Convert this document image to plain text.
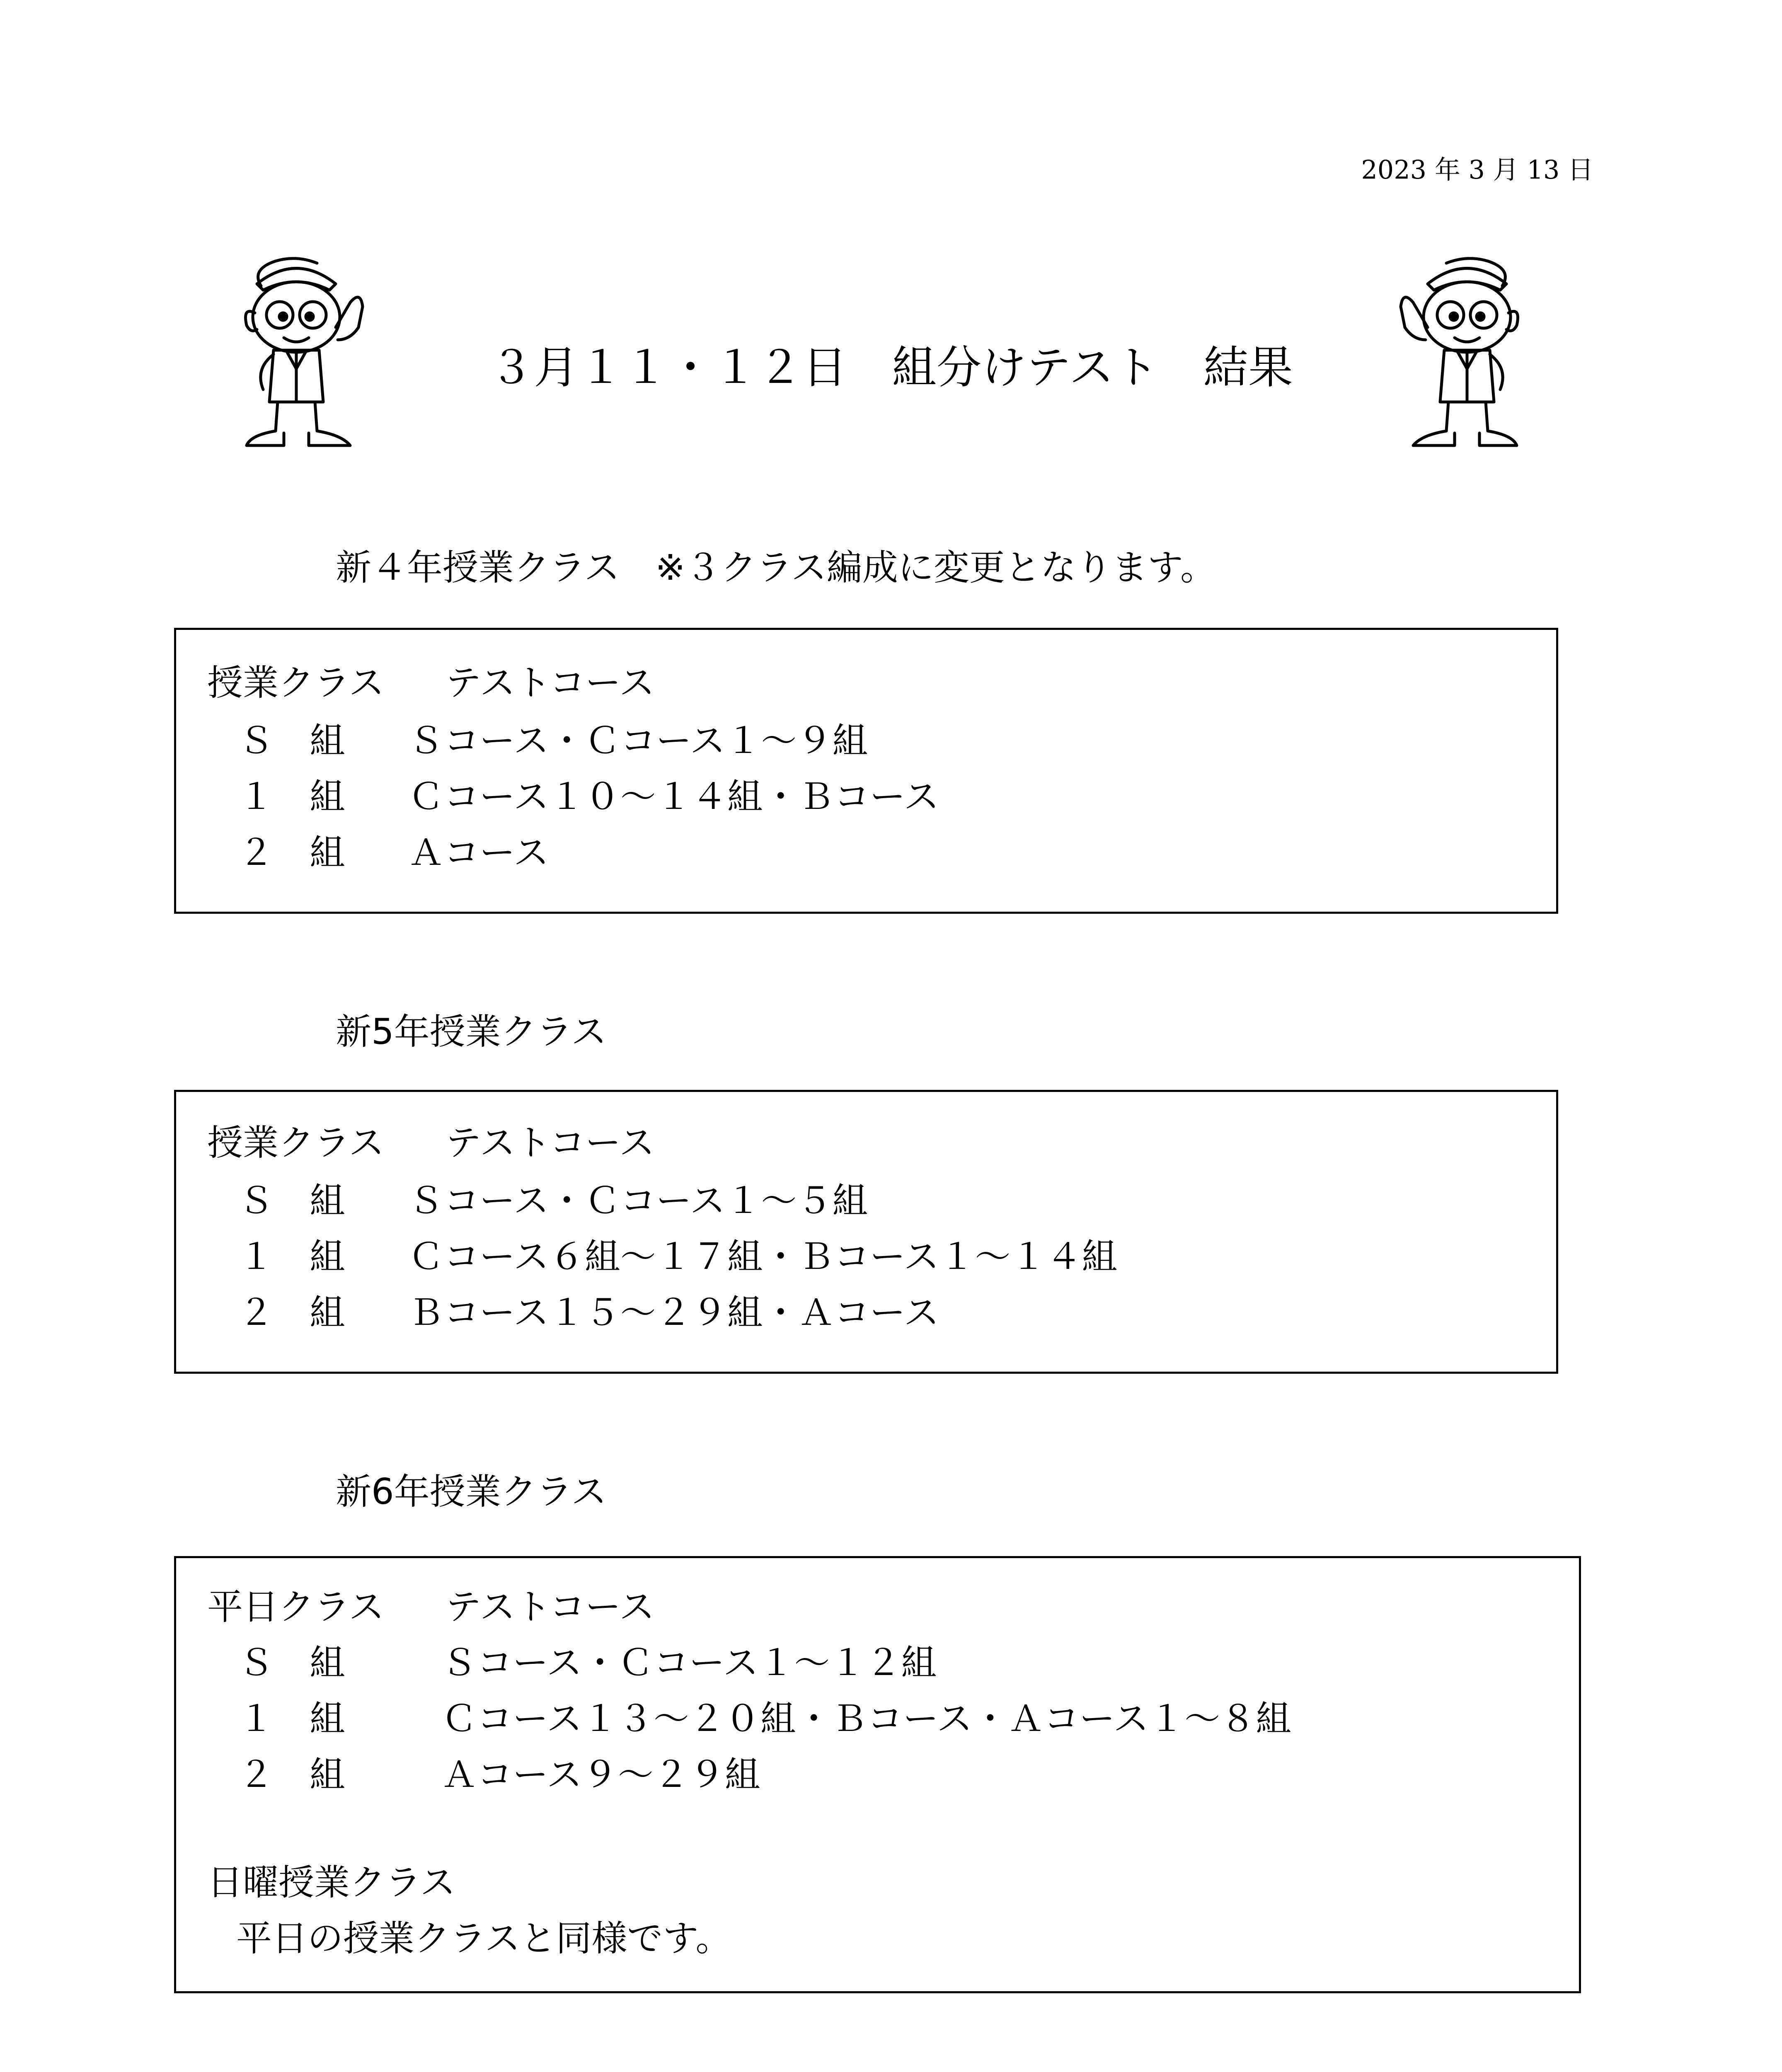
2023 年 3 月 13 日
３月１１・１２日　組分けテスト　結果
新４年授業クラス　※３クラス編成に変更となります。
授業クラス テストコース
Ｓ　組 Ｓコース・Ｃコース１～９組
１　組 Ｃコース１０～１４組・Ｂコース
２　組 Ａコース
新5年授業クラス
授業クラス テストコース
Ｓ　組 Ｓコース・Ｃコース１～５組
１　組 Ｃコース６組～１７組・Ｂコース１～１４組
２　組 Ｂコース１５～２９組・Ａコース
新6年授業クラス
平日クラス テストコース
Ｓ　組	Ｓコース・Ｃコース１～１２組
１　組	Ｃコース１３～２０組・Ｂコース・Ａコース１～８組
２　組	Ａコース９～２９組
日曜授業クラス
平日の授業クラスと同様です。
